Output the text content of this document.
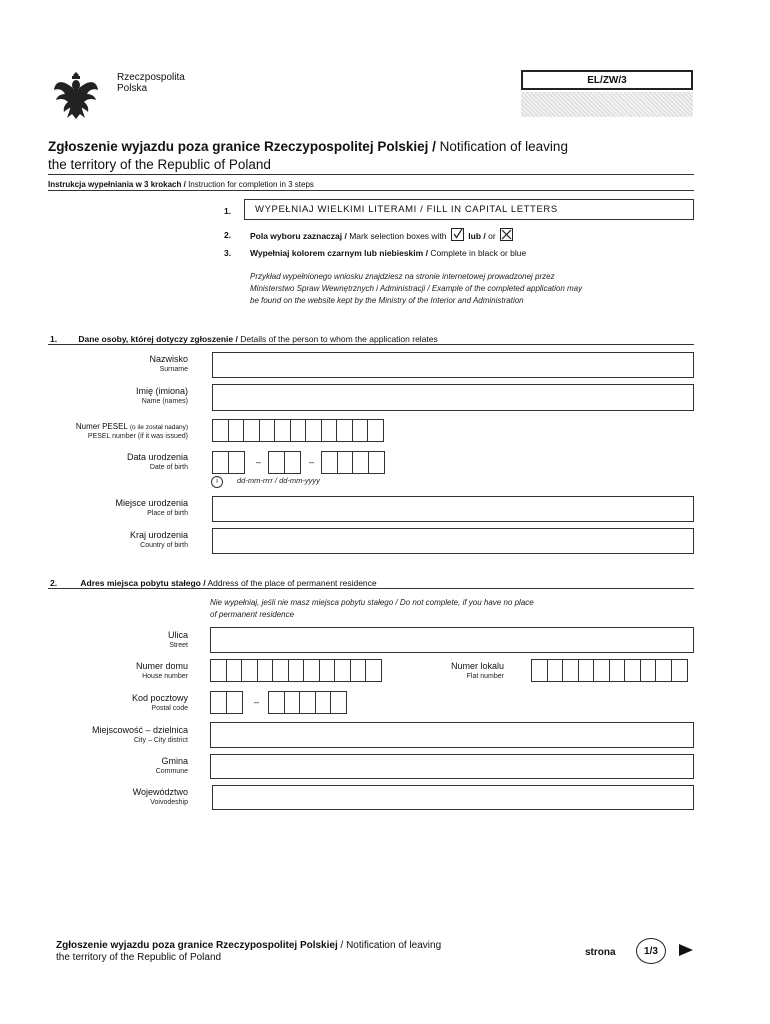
Rzeczpospolita
Polska
EL/ZW/3
Zgłoszenie wyjazdu poza granice Rzeczypospolitej Polskiej / Notification of leaving
the territory of the Republic of Poland
Instrukcja wypełniania w 3 krokach / Instruction for completion in 3 steps
1.	WYPEŁNIAJ WIELKIMI LITERAMI / FILL IN CAPITAL LETTERS
2. Pola wyboru zaznaczaj / Mark selection boxes with	lub / or
3. Wypełniaj kolorem czarnym lub niebieskim / Complete in black or blue
Przykład wypełnionego wniosku znajdziesz na stronie internetowej prowadzonej przez
Ministerstwo Spraw Wewnętrznych i Administracji / Example of the completed application may
be found on the website kept by the Ministry of the Interior and Administration
1.	Dane osoby, której dotyczy zgłoszenie / Details of the person to whom the application relates
Nazwisko
Surname
Imię (imiona)
Name (names)
Numer PESEL (o ile został nadany)
PESEL number (if it was issued)
Data urodzenia
Date of birth
–	–
i	dd-mm-rrrr / dd-mm-yyyy
Miejsce urodzenia
Place of birth
Kraj urodzenia
Country of birth
2.	Adres miejsca pobytu stałego / Address of the place of permanent residence
Nie wypełniaj, jeśli nie masz miejsca pobytu stałego / Do not complete, if you have no place
of permanent residence
Ulica
Street
Numer domu
House number
Numer lokalu
Flat number
Kod pocztowy
Postal code
–
Miejscowość – dzielnica
City – City district
Gmina
Commune
Województwo
Voivodeship
Zgłoszenie wyjazdu poza granice Rzeczypospolitej Polskiej / Notification of leaving
the territory of the Republic of Poland	strona	1/3
